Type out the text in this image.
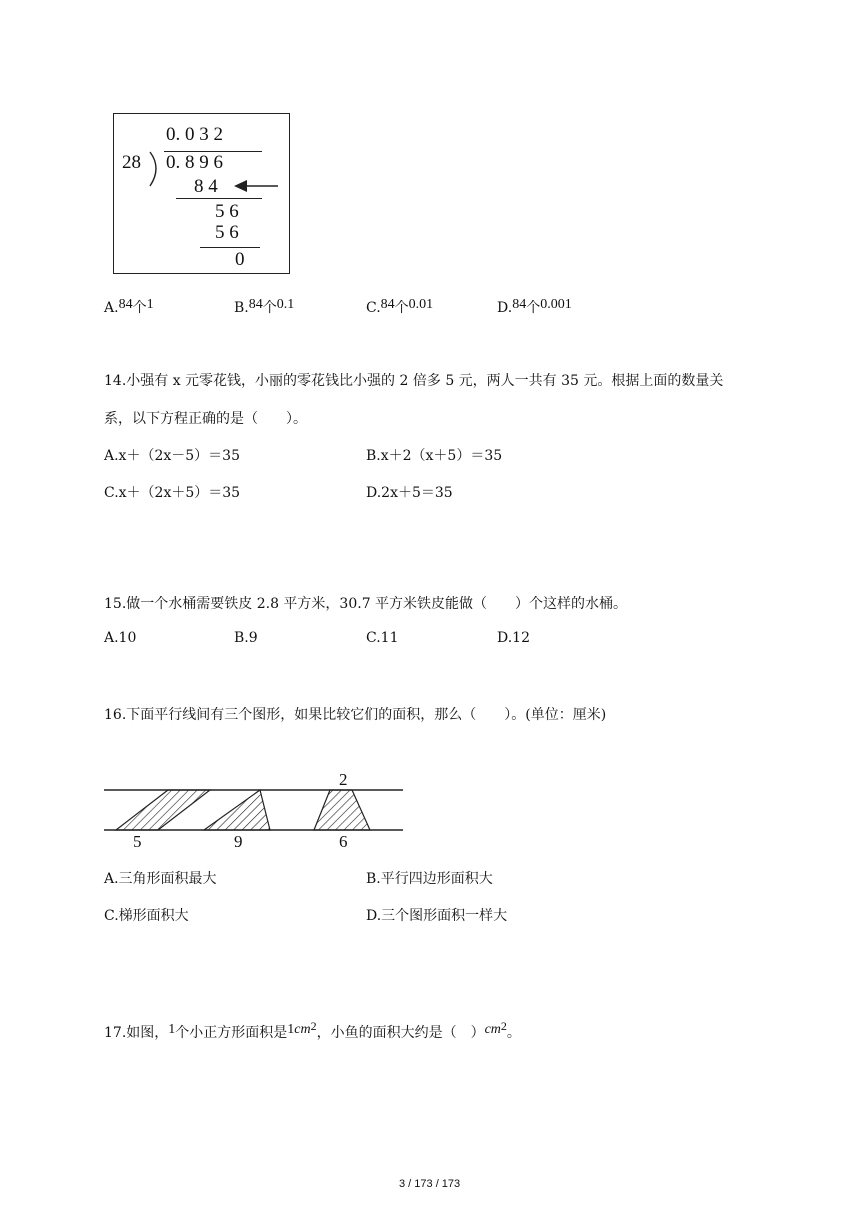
0. 0 3 2
28 0. 8 9 6
8 4
5 6
5 6
0
A.84个1	B.84个0.1	C.84个0.01	D.84个0.001
14.小强有 x 元零花钱，小丽的零花钱比小强的 2 倍多 5 元，两人一共有 35 元。根据上面的数量关
系，以下方程正确的是（　　）。
A.x＋（2x－5）＝35	B.x＋2（x＋5）＝35
C.x＋（2x＋5）＝35	D.2x＋5＝35
15.做一个水桶需要铁皮 2.8 平方米，30.7 平方米铁皮能做（　　）个这样的水桶。
A.10	B.9	C.11	D.12
16.下面平行线间有三个图形，如果比较它们的面积，那么（　　）。(单位：厘米)
2
5	9	6
A.三角形面积最大	B.平行四边形面积大
C.梯形面积大	D.三个图形面积一样大
17.如图，1个小正方形面积是1cm2，小鱼的面积大约是（　）cm2。
3 / 173 / 173
